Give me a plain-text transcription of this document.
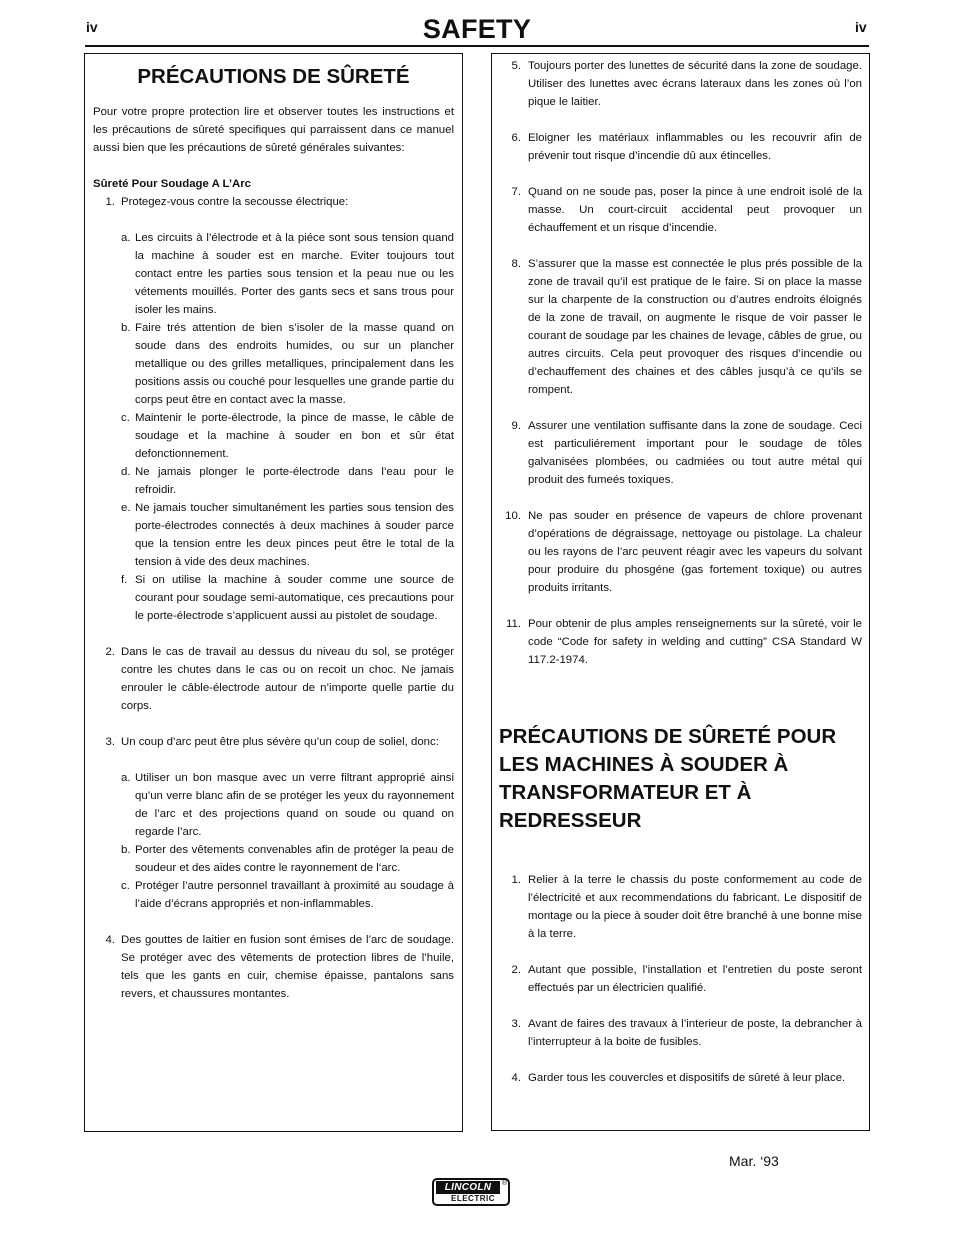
iv	SAFETY	iv
PRÉCAUTIONS DE SÛRETÉ

Pour votre propre protection lire et observer toutes les instructions et les précautions de sûreté specifiques qui parraissent dans ce manuel aussi bien que les précautions de sûreté générales suivantes:

Sûreté Pour Soudage A L’Arc
1. Protegez-vous contre la secousse électrique:
a. Les circuits à l’électrode et à la piéce sont sous tension quand la machine à souder est en marche. Eviter toujours tout contact entre les parties sous tension et la peau nue ou les vétements mouillés. Porter des gants secs et sans trous pour isoler les mains.
b. Faire trés attention de bien s’isoler de la masse quand on soude dans des endroits humides, ou sur un plancher metallique ou des grilles metalliques, principalement dans les positions assis ou couché pour lesquelles une grande partie du corps peut être en contact avec la masse.
c. Maintenir le porte-électrode, la pince de masse, le câble de soudage et la machine à souder en bon et sûr état defonctionnement.
d. Ne jamais plonger le porte-électrode dans l’eau pour le refroidir.
e. Ne jamais toucher simultanément les parties sous tension des porte-électrodes connectés à deux machines à souder parce que la tension entre les deux pinces peut être le total de la tension à vide des deux machines.
f. Si on utilise la machine à souder comme une source de courant pour soudage semi-automatique, ces precautions pour le porte-électrode s’applicuent aussi au pistolet de soudage.
2. Dans le cas de travail au dessus du niveau du sol, se protéger contre les chutes dans le cas ou on recoit un choc. Ne jamais enrouler le câble-électrode autour de n’importe quelle partie du corps.
3. Un coup d’arc peut être plus sévère qu’un coup de soliel, donc:
a. Utiliser un bon masque avec un verre filtrant approprié ainsi qu’un verre blanc afin de se protéger les yeux du rayonnement de l’arc et des projections quand on soude ou quand on regarde l’arc.
b. Porter des vêtements convenables afin de protéger la peau de soudeur et des aides contre le rayonnement de l‘arc.
c. Protéger l’autre personnel travaillant à proximité au soudage à l’aide d’écrans appropriés et non-inflammables.
4. Des gouttes de laitier en fusion sont émises de l’arc de soudage. Se protéger avec des vêtements de protection libres de l’huile, tels que les gants en cuir, chemise épaisse, pantalons sans revers, et chaussures montantes.
5. Toujours porter des lunettes de sécurité dans la zone de soudage. Utiliser des lunettes avec écrans lateraux dans les zones où l’on pique le laitier.
6. Eloigner les matériaux inflammables ou les recouvrir afin de prévenir tout risque d’incendie dû aux étincelles.
7. Quand on ne soude pas, poser la pince à une endroit isolé de la masse. Un court-circuit accidental peut provoquer un échauffement et un risque d’incendie.
8. S’assurer que la masse est connectée le plus prés possible de la zone de travail qu’il est pratique de le faire. Si on place la masse sur la charpente de la construction ou d’autres endroits éloignés de la zone de travail, on augmente le risque de voir passer le courant de soudage par les chaines de levage, câbles de grue, ou autres circuits. Cela peut provoquer des risques d’incendie ou d’echauffement des chaines et des câbles jusqu’à ce qu’ils se rompent.
9. Assurer une ventilation suffisante dans la zone de soudage. Ceci est particuliérement important pour le soudage de tôles galvanisées plombées, ou cadmiées ou tout autre métal qui produit des fumeés toxiques.
10. Ne pas souder en présence de vapeurs de chlore provenant d’opérations de dégraissage, nettoyage ou pistolage. La chaleur ou les rayons de l’arc peuvent réagir avec les vapeurs du solvant pour produire du phosgéne (gas fortement toxique) ou autres produits irritants.
11. Pour obtenir de plus amples renseignements sur la sûreté, voir le code “Code for safety in welding and cutting” CSA Standard W 117.2-1974.
PRÉCAUTIONS DE SÛRETÉ POUR LES MACHINES À SOUDER À TRANSFORMATEUR ET À REDRESSEUR
1. Relier à la terre le chassis du poste conformement au code de l’électricité et aux recommendations du fabricant. Le dispositif de montage ou la piece à souder doit être branché à une bonne mise à la terre.
2. Autant que possible, l’installation et l’entretien du poste seront effectués par un électricien qualifié.
3. Avant de faires des travaux à l’interieur de poste, la debrancher à l’interrupteur à la boite de fusibles.
4. Garder tous les couvercles et dispositifs de sûreté à leur place.
Mar. ‘93
LINCOLN	®
ELECTRIC
